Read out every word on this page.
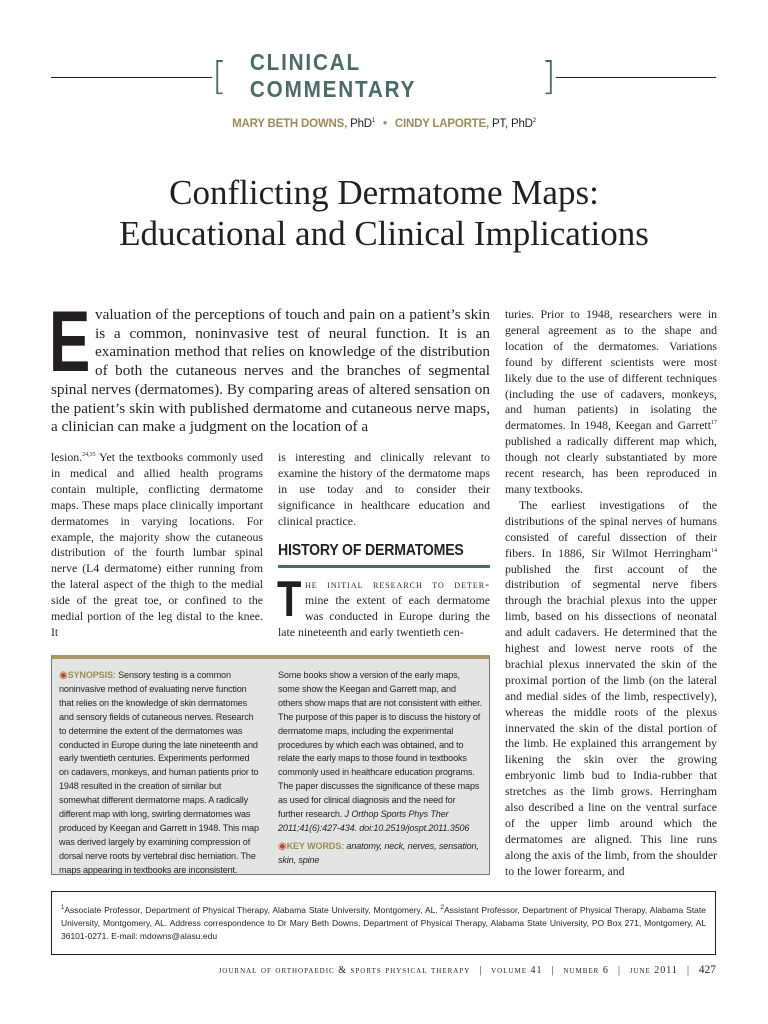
[ CLINICAL COMMENTARY	]
MARY BETH DOWNS, PhD$^1$ • CINDY LAPORTE, PT, PhD$^2$
Conflicting Dermatome Maps:
Educational and Clinical Implications
Evaluation of the perceptions of touch and pain on a patient’s skin is a common, noninvasive test of neural function. It is an examination method that relies on knowledge of the distribution of both the cutaneous nerves and the branches of segmental spinal nerves (dermatomes). By comparing areas of altered sensation on the patient’s skin with published dermatome and cutaneous nerve maps, a clinician can make a judgment on the location of a

lesion.$^{24,35}$ Yet the textbooks commonly used in medical and allied health programs contain multiple, conflicting dermatome maps. These maps place clinically important dermatomes in varying locations. For example, the majority show the cutaneous distribution of the fourth lumbar spinal nerve (L4 dermatome) either running from the lateral aspect of the thigh to the medial side of the great toe, or confined to the medial portion of the leg distal to the knee. It

is interesting and clinically relevant to examine the history of the dermatome maps in use today and to consider their significance in healthcare education and clinical practice.

HISTORY OF DERMATOMES

The initial research to deter- mine the extent of each dermatome was conducted in Europe during the late nineteenth and early twentieth cen-

turies. Prior to 1948, researchers were in general agreement as to the shape and location of the dermatomes. Variations found by different scientists were most likely due to the use of different techniques (including the use of cadavers, monkeys, and human patients) in isolating the dermatomes. In 1948, Keegan and Garrett$^{17}$ published a radically different map which, though not clearly substantiated by more recent research, has been reproduced in many textbooks.

The earliest investigations of the distributions of the spinal nerves of humans consisted of careful dissection of their fibers. In 1886, Sir Wilmot Herringham$^{14}$ published the first account of the distribution of segmental nerve fibers through the brachial plexus into the upper limb, based on his dissections of neonatal and adult cadavers. He determined that the highest and lowest nerve roots of the brachial plexus innervated the skin of the proximal portion of the limb (on the lateral and medial sides of the limb, respectively), whereas the middle roots of the plexus innervated the skin of the distal portion of the limb. He explained this arrangement by likening the skin over the growing embryonic limb bud to India-rubber that stretches as the limb grows. Herringham also described a line on the ventral surface of the upper limb around which the dermatomes are aligned. This line runs along the axis of the limb, from the shoulder to the lower forearm, and

◉SYNOPSIS: Sensory testing is a common noninvasive method of evaluating nerve function that relies on the knowledge of skin dermatomes and sensory fields of cutaneous nerves. Research to determine the extent of the dermatomes was conducted in Europe during the late nineteenth and early twentieth centuries. Experiments performed on cadavers, monkeys, and human patients prior to 1948 resulted in the creation of similar but somewhat different dermatome maps. A radically different map with long, swirling dermatomes was produced by Keegan and Garrett in 1948. This map was derived largely by examining compression of dorsal nerve roots by vertebral disc herniation. The maps appearing in textbooks are inconsistent.
Some books show a version of the early maps, some show the Keegan and Garrett map, and others show maps that are not consistent with either. The purpose of this paper is to discuss the history of dermatome maps, including the experimental procedures by which each was obtained, and to relate the early maps to those found in textbooks commonly used in healthcare education programs. The paper discusses the significance of these maps as used for clinical diagnosis and the need for further research. J Orthop Sports Phys Ther 2011;41(6):427-434. doi:10.2519/jospt.2011.3506
◉KEY WORDS: anatomy, neck, nerves, sensation, skin, spine
$^1$Associate Professor, Department of Physical Therapy, Alabama State University, Montgomery, AL. $^2$Assistant Professor, Department of Physical Therapy, Alabama State University, Montgomery, AL. Address correspondence to Dr Mary Beth Downs, Department of Physical Therapy, Alabama State University, PO Box 271, Montgomery, AL 36101-0271. E-mail: mdowns@alasu.edu
journal of orthopaedic & sports physical therapy | volume 41 | number 6 | june 2011 | 427
